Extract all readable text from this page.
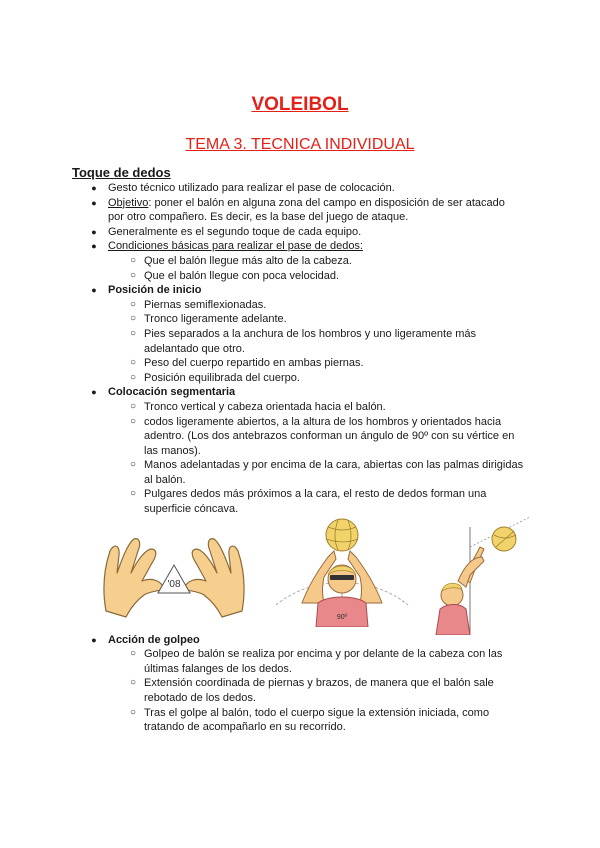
VOLEIBOL
TEMA 3. TECNICA INDIVIDUAL
Toque de dedos
● Gesto técnico utilizado para realizar el pase de colocación.
● Objetivo: poner el balón en alguna zona del campo en disposición de ser atacado por otro compañero. Es decir, es la base del juego de ataque.
● Generalmente es el segundo toque de cada equipo.
● Condiciones básicas para realizar el pase de dedos:
○ Que el balón llegue más alto de la cabeza.
○ Que el balón llegue con poca velocidad.
● Posición de inicio
○ Piernas semiflexionadas.
○ Tronco ligeramente adelante.
○ Pies separados a la anchura de los hombros y uno ligeramente más adelantado que otro.
○ Peso del cuerpo repartido en ambas piernas.
○ Posición equilibrada del cuerpo.
● Colocación segmentaria
○ Tronco vertical y cabeza orientada hacia el balón.
○ codos ligeramente abiertos, a la altura de los hombros y orientados hacia adentro. (Los dos antebrazos conforman un ángulo de 90º con su vértice en las manos).
○ Manos adelantadas y por encima de la cara, abiertas con las palmas dirigidas al balón.
○ Pulgares dedos más próximos a la cara, el resto de dedos forman una superficie cóncava.
'08
90º
● Acción de golpeo
○ Golpeo de balón se realiza por encima y por delante de la cabeza con las últimas falanges de los dedos.
○ Extensión coordinada de piernas y brazos, de manera que el balón sale rebotado de los dedos.
○ Tras el golpe al balón, todo el cuerpo sigue la extensión iniciada, como tratando de acompañarlo en su recorrido.
